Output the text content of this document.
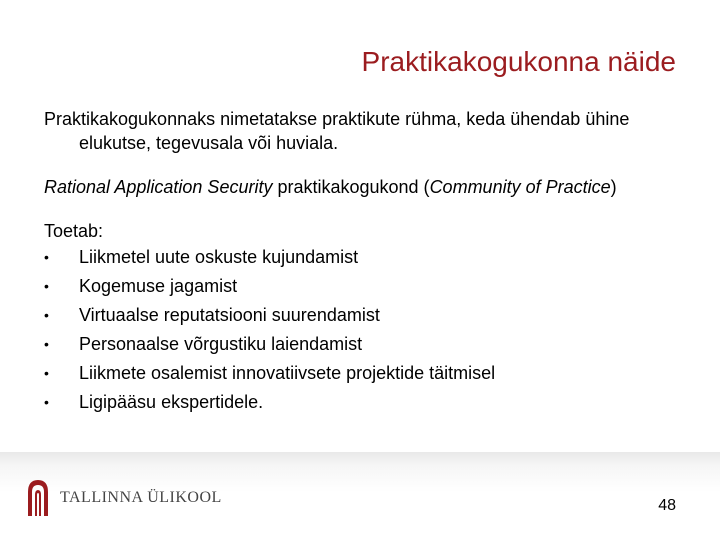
Praktikakogukonna näide

Praktikakogukonnaks nimetatakse praktikute rühma, keda ühendab ühine elukutse, tegevusala või huviala.

Rational Application Security praktikakogukond (Community of Practice)

Toetab:
• Liikmetel uute oskuste kujundamist
• Kogemuse jagamist
• Virtuaalse reputatsiooni suurendamist
• Personaalse võrgustiku laiendamist
• Liikmete osalemist innovatiivsete projektide täitmisel
• Ligipääsu ekspertidele.
TALLINNA ÜLIKOOL	48
